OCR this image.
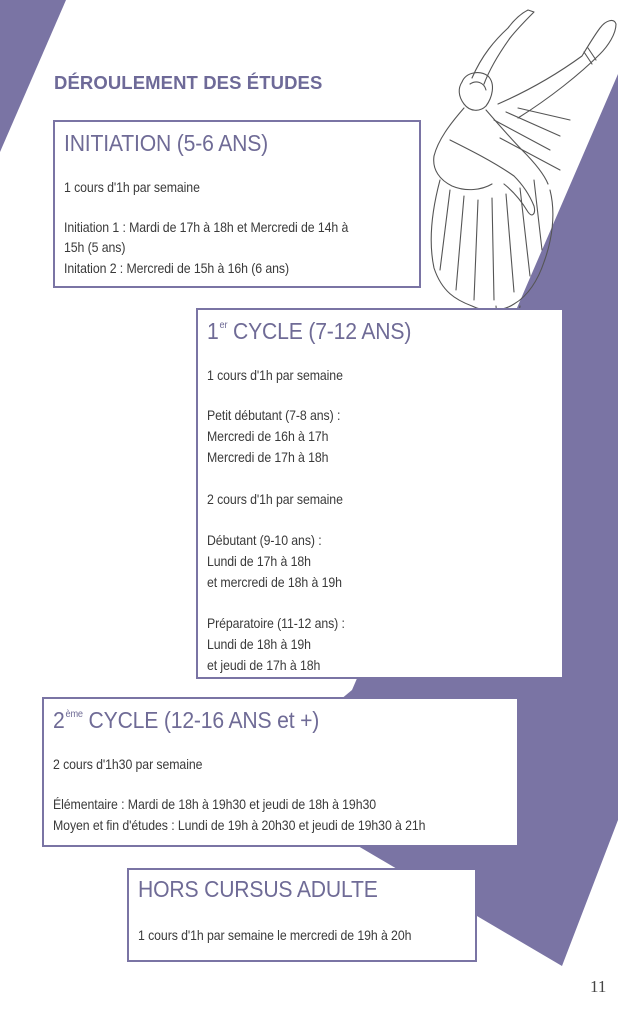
DÉROULEMENT DES ÉTUDES
INITIATION (5-6 ANS)
1 cours d'1h par semaine
Initiation 1 : Mardi de 17h à 18h et Mercredi de 14h à
15h (5 ans)
Initation 2 : Mercredi de 15h à 16h (6 ans)
1er CYCLE (7-12 ANS)
1 cours d'1h par semaine
Petit débutant (7-8 ans) :
Mercredi de 16h à 17h
Mercredi de 17h à 18h
2 cours d'1h par semaine
Débutant (9-10 ans) :
Lundi de 17h à 18h
et mercredi de 18h à 19h
Préparatoire (11-12 ans) :
Lundi de 18h à 19h
et jeudi de 17h à 18h
2ème CYCLE (12-16 ANS et +)
2 cours d'1h30 par semaine
Élémentaire : Mardi de 18h à 19h30 et jeudi de 18h à 19h30
Moyen et fin d'études : Lundi de 19h à 20h30 et jeudi de 19h30 à 21h
HORS CURSUS ADULTE
1 cours d'1h par semaine le mercredi de 19h à 20h
11
